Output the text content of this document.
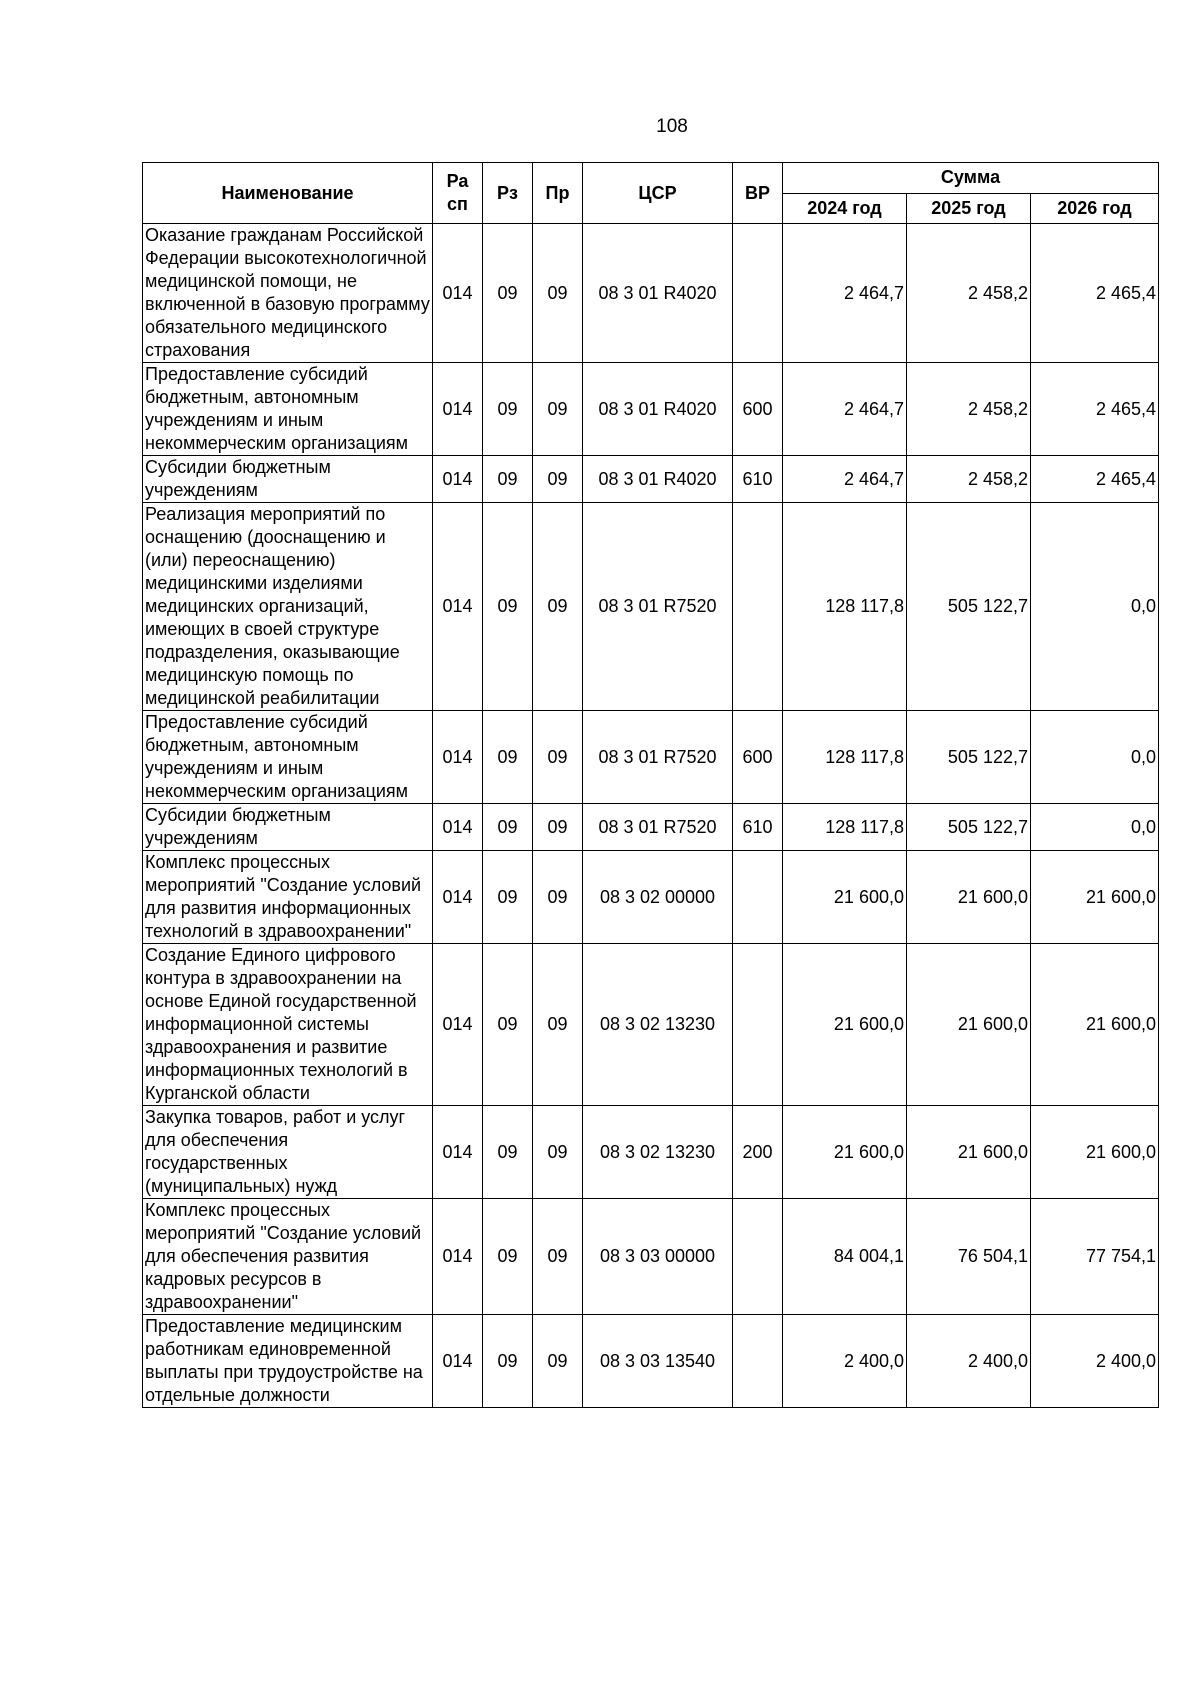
108
Наименование	Ра сп	Рз	Пр	ЦСР	ВР	Сумма		
						2024 год	2025 год	2026 год
Оказание гражданам Российской Федерации высокотехнологичной медицинской помощи, не включенной в базовую программу обязательного медицинского страхования	014	09	09	08 3 01 R4020		2 464,7	2 458,2	2 465,4
Предоставление субсидий бюджетным, автономным учреждениям и иным некоммерческим организациям	014	09	09	08 3 01 R4020	600	2 464,7	2 458,2	2 465,4
Субсидии бюджетным учреждениям	014	09	09	08 3 01 R4020	610	2 464,7	2 458,2	2 465,4
Реализация мероприятий по оснащению (дооснащению и (или) переоснащению) медицинскими изделиями медицинских организаций, имеющих в своей структуре подразделения, оказывающие медицинскую помощь по медицинской реабилитации	014	09	09	08 3 01 R7520		128 117,8	505 122,7	0,0
Предоставление субсидий бюджетным, автономным учреждениям и иным некоммерческим организациям	014	09	09	08 3 01 R7520	600	128 117,8	505 122,7	0,0
Субсидии бюджетным учреждениям	014	09	09	08 3 01 R7520	610	128 117,8	505 122,7	0,0
Комплекс процессных мероприятий "Создание условий для развития информационных технологий в здравоохранении"	014	09	09	08 3 02 00000		21 600,0	21 600,0	21 600,0
Создание Единого цифрового контура в здравоохранении на основе Единой государственной информационной системы здравоохранения и развитие информационных технологий в Курганской области	014	09	09	08 3 02 13230		21 600,0	21 600,0	21 600,0
Закупка товаров, работ и услуг для обеспечения государственных (муниципальных) нужд	014	09	09	08 3 02 13230	200	21 600,0	21 600,0	21 600,0
Комплекс процессных мероприятий "Создание условий для обеспечения развития кадровых ресурсов в здравоохранении"	014	09	09	08 3 03 00000		84 004,1	76 504,1	77 754,1
Предоставление медицинским работникам единовременной выплаты при трудоустройстве на отдельные должности	014	09	09	08 3 03 13540		2 400,0	2 400,0	2 400,0
